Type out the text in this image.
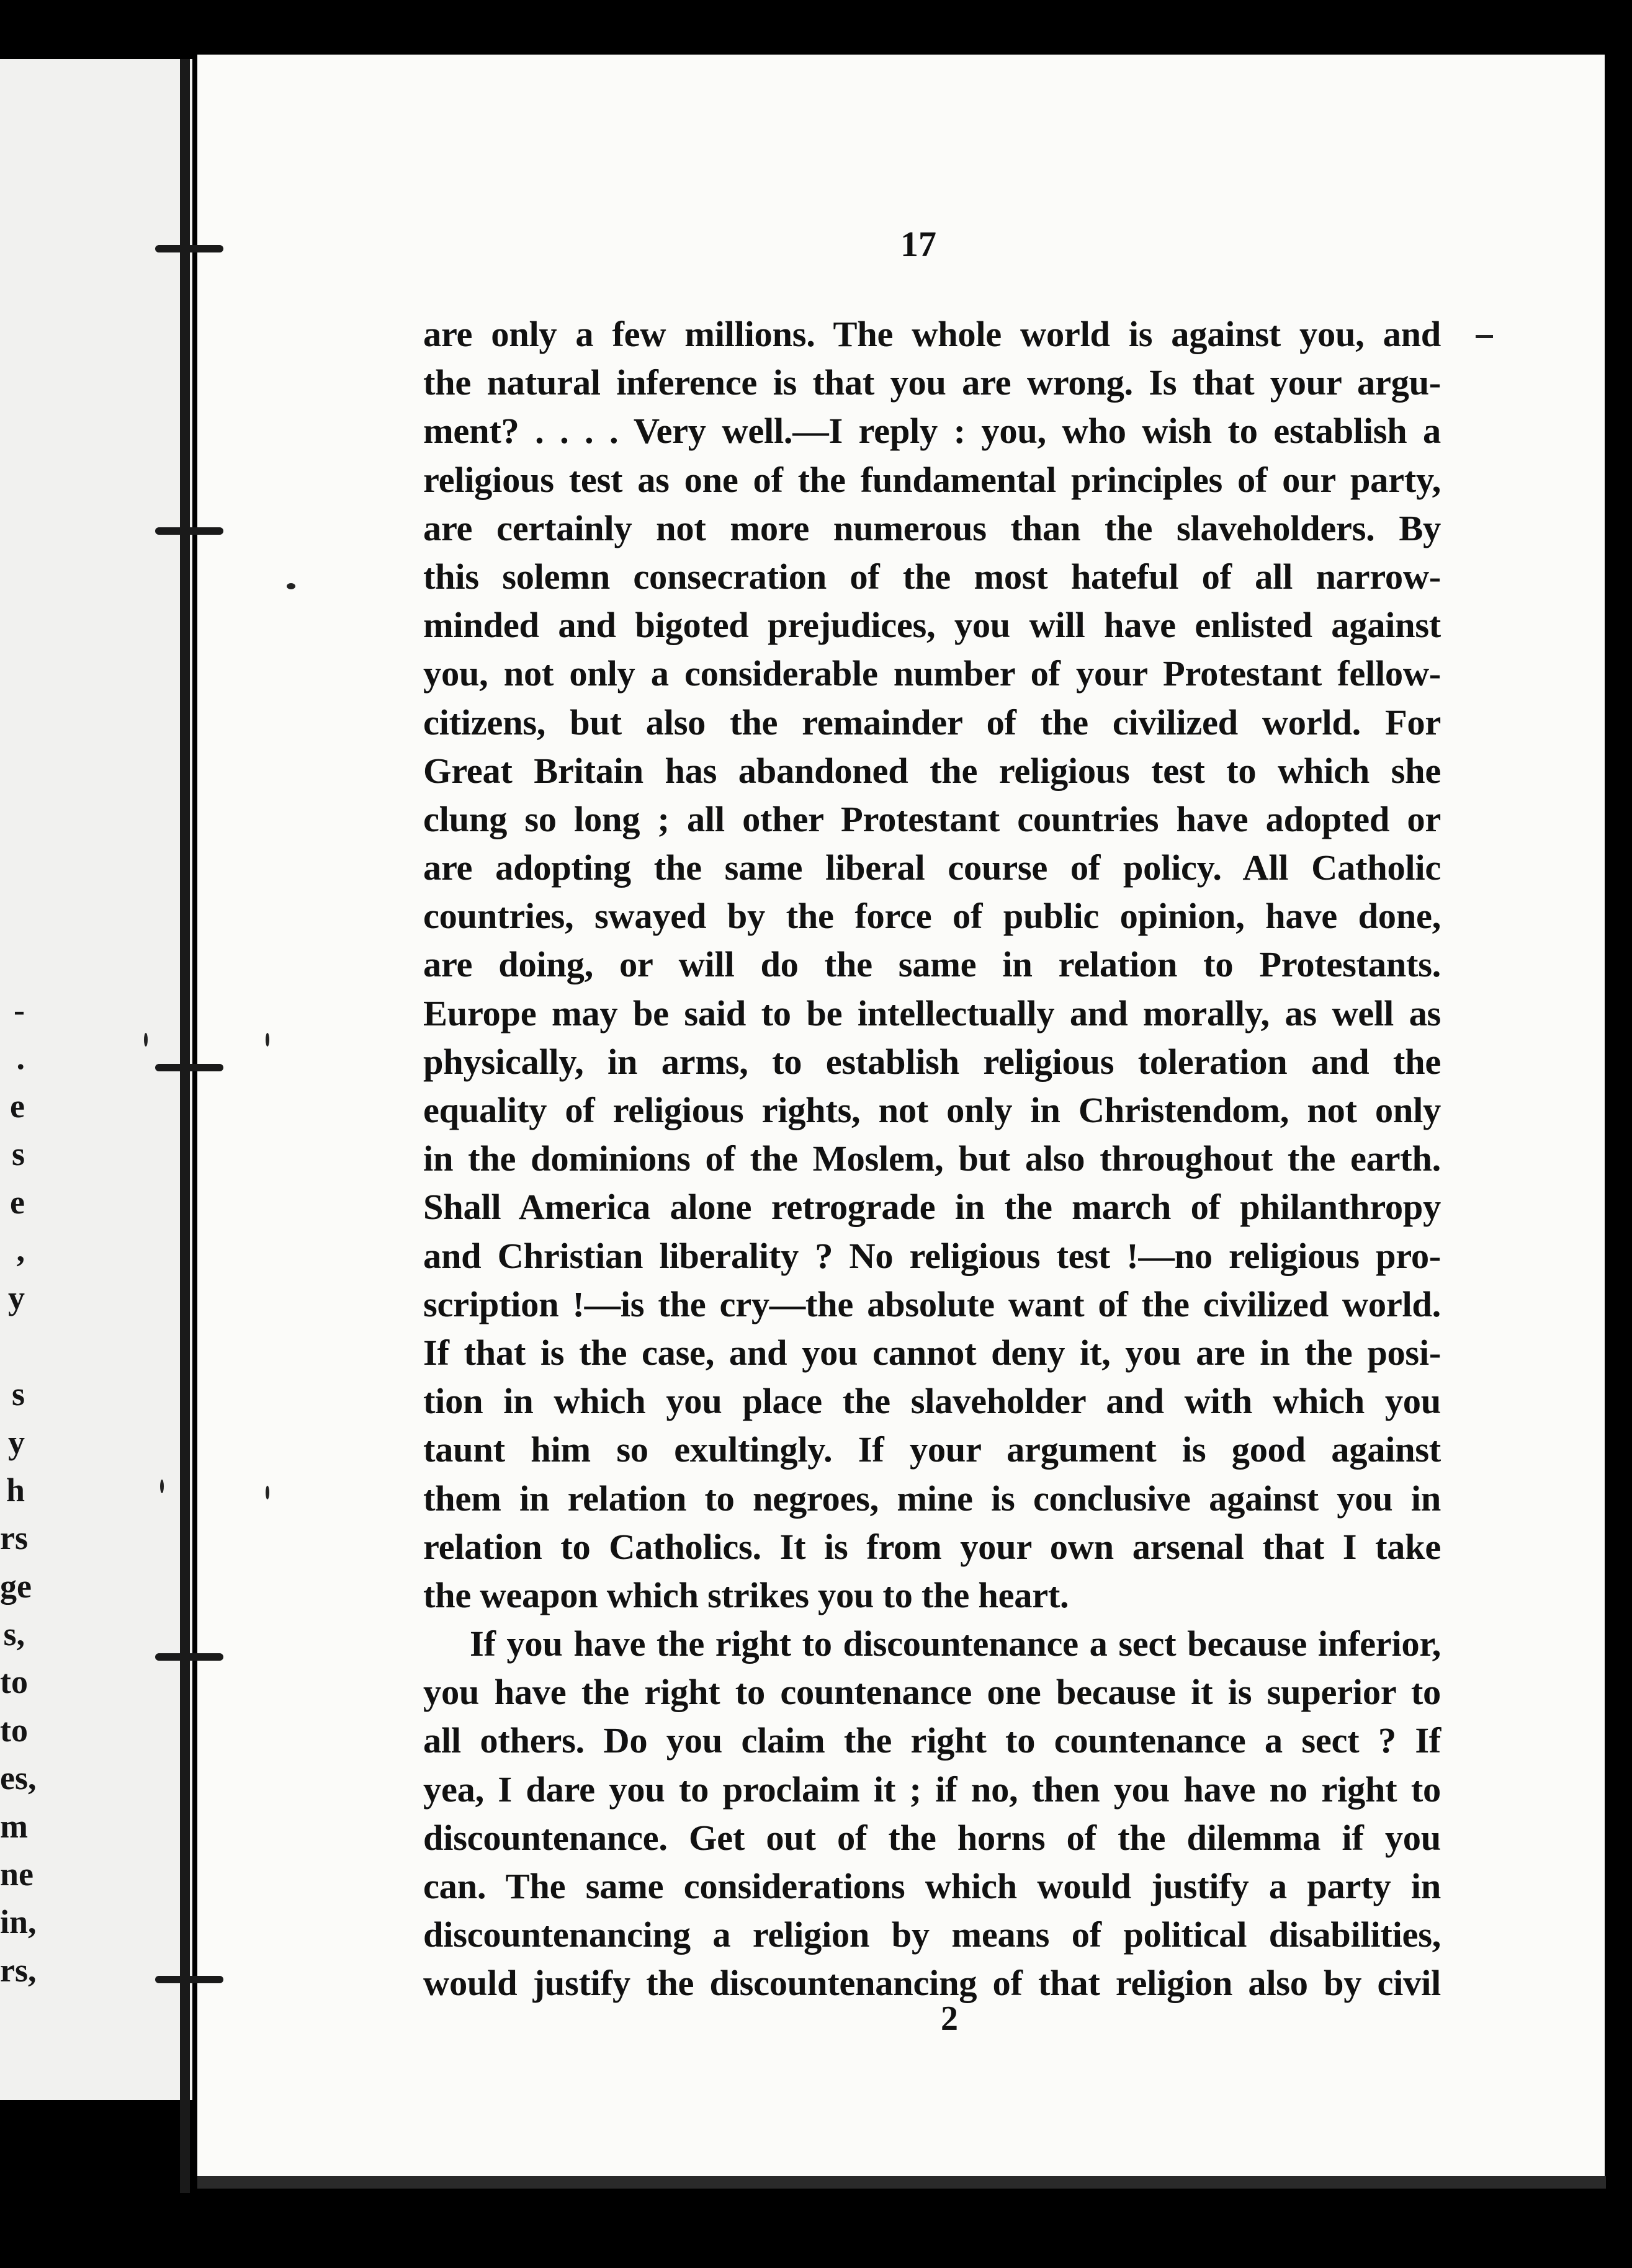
-
.
e
s
e
,
y
s
y
h
rs
ge
s,
to
to
es,
m
ne
in,
rs,
17
are only a few millions. The whole world is against you, and
the natural inference is that you are wrong. Is that your argu-
ment? . . . . Very well.—I reply : you, who wish to establish a
religious test as one of the fundamental principles of our party,
are certainly not more numerous than the slaveholders. By
this solemn consecration of the most hateful of all narrow-
minded and bigoted prejudices, you will have enlisted against
you, not only a considerable number of your Protestant fellow-
citizens, but also the remainder of the civilized world. For
Great Britain has abandoned the religious test to which she
clung so long ; all other Protestant countries have adopted or
are adopting the same liberal course of policy. All Catholic
countries, swayed by the force of public opinion, have done,
are doing, or will do the same in relation to Protestants.
Europe may be said to be intellectually and morally, as well as
physically, in arms, to establish religious toleration and the
equality of religious rights, not only in Christendom, not only
in the dominions of the Moslem, but also throughout the earth.
Shall America alone retrograde in the march of philanthropy
and Christian liberality ? No religious test !—no religious pro-
scription !—is the cry—the absolute want of the civilized world.
If that is the case, and you cannot deny it, you are in the posi-
tion in which you place the slaveholder and with which you
taunt him so exultingly. If your argument is good against
them in relation to negroes, mine is conclusive against you in
relation to Catholics. It is from your own arsenal that I take
the weapon which strikes you to the heart.
If you have the right to discountenance a sect because inferior,
you have the right to countenance one because it is superior to
all others. Do you claim the right to countenance a sect ? If
yea, I dare you to proclaim it ; if no, then you have no right to
discountenance. Get out of the horns of the dilemma if you
can. The same considerations which would justify a party in
discountenancing a religion by means of political disabilities,
would justify the discountenancing of that religion also by civil
2
